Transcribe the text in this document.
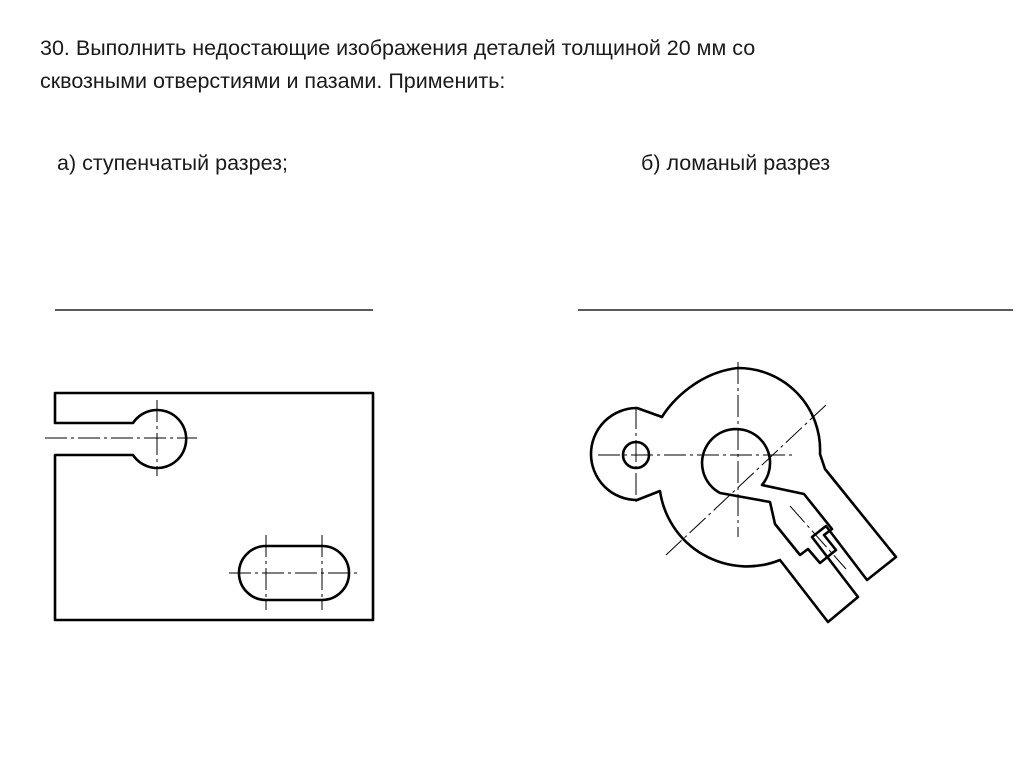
30. Выполнить недостающие изображения деталей толщиной 20 мм со
сквозными отверстиями и пазами. Применить:
а) ступенчатый разрез;	б) ломаный разрез
